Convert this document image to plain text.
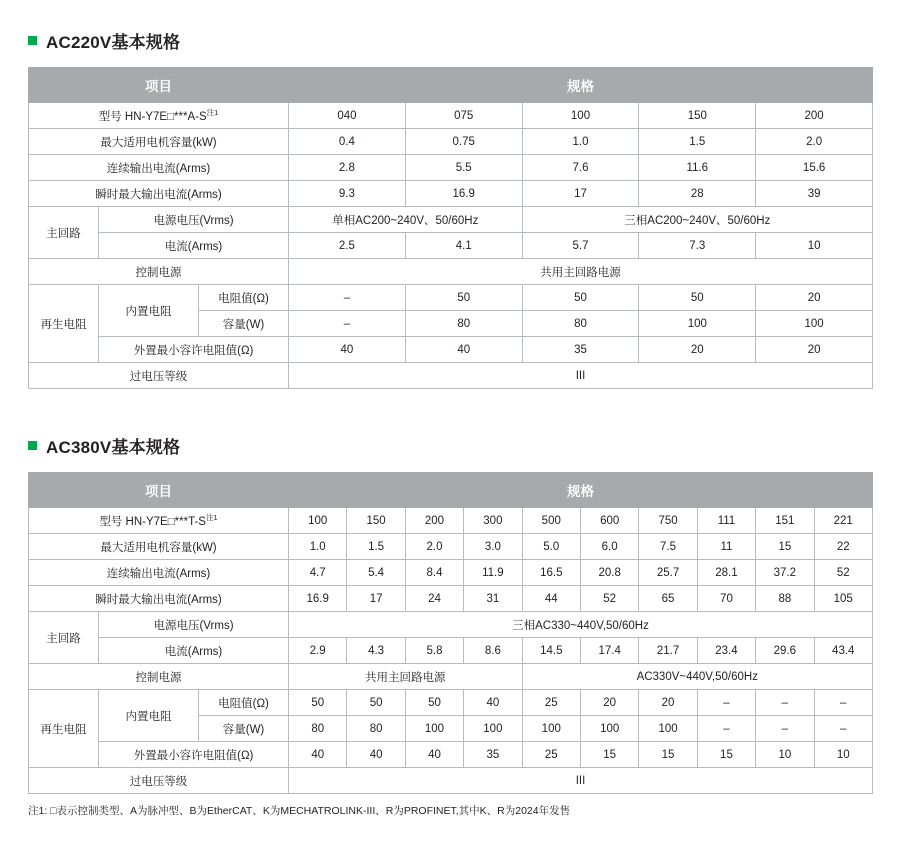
AC220V基本规格
项目			规格				
型号 $HN-Y7E□***A-S^{注1}$			040	075	100	150	200
最大适用电机容量(kW)			0.4	0.75	1.0	1.5	2.0
连续输出电流(Arms)			2.8	5.5	7.6	11.6	15.6
瞬时最大输出电流(Arms)			9.3	16.9	17	28	39
主回路	电源电压(Vrms)		单相AC200~240V、50/60Hz		三相AC200~240V、50/60Hz		
	电流(Arms)		2.5	4.1	5.7	7.3	10
控制电源			共用主回路电源				
再生电阻	内置电阻	电阻值(Ω)	–	50	50	50	20
		容量(W)	–	80	80	100	100
	外置最小容许电阻值(Ω)		40	40	35	20	20
过电压等级			III				
AC380V基本规格
项目			规格									
型号 $HN-Y7E□***T-S^{注1}$			100	150	200	300	500	600	750	111	151	221
最大适用电机容量(kW)			1.0	1.5	2.0	3.0	5.0	6.0	7.5	11	15	22
连续输出电流(Arms)			4.7	5.4	8.4	11.9	16.5	20.8	25.7	28.1	37.2	52
瞬时最大输出电流(Arms)			16.9	17	24	31	44	52	65	70	88	105
主回路	电源电压(Vrms)		三相AC330~440V,50/60Hz									
	电流(Arms)		2.9	4.3	5.8	8.6	14.5	17.4	21.7	23.4	29.6	43.4
控制电源			共用主回路电源				AC330V~440V,50/60Hz					
再生电阻	内置电阻	电阻值(Ω)	50	50	50	40	25	20	20	–	–	–
		容量(W)	80	80	100	100	100	100	100	–	–	–
	外置最小容许电阻值(Ω)		40	40	40	35	25	15	15	15	10	10
过电压等级			III									
注1: □表示控制类型、A为脉冲型、B为EtherCAT、K为MECHATROLINK-III、R为PROFINET,其中K、R为2024年发售
